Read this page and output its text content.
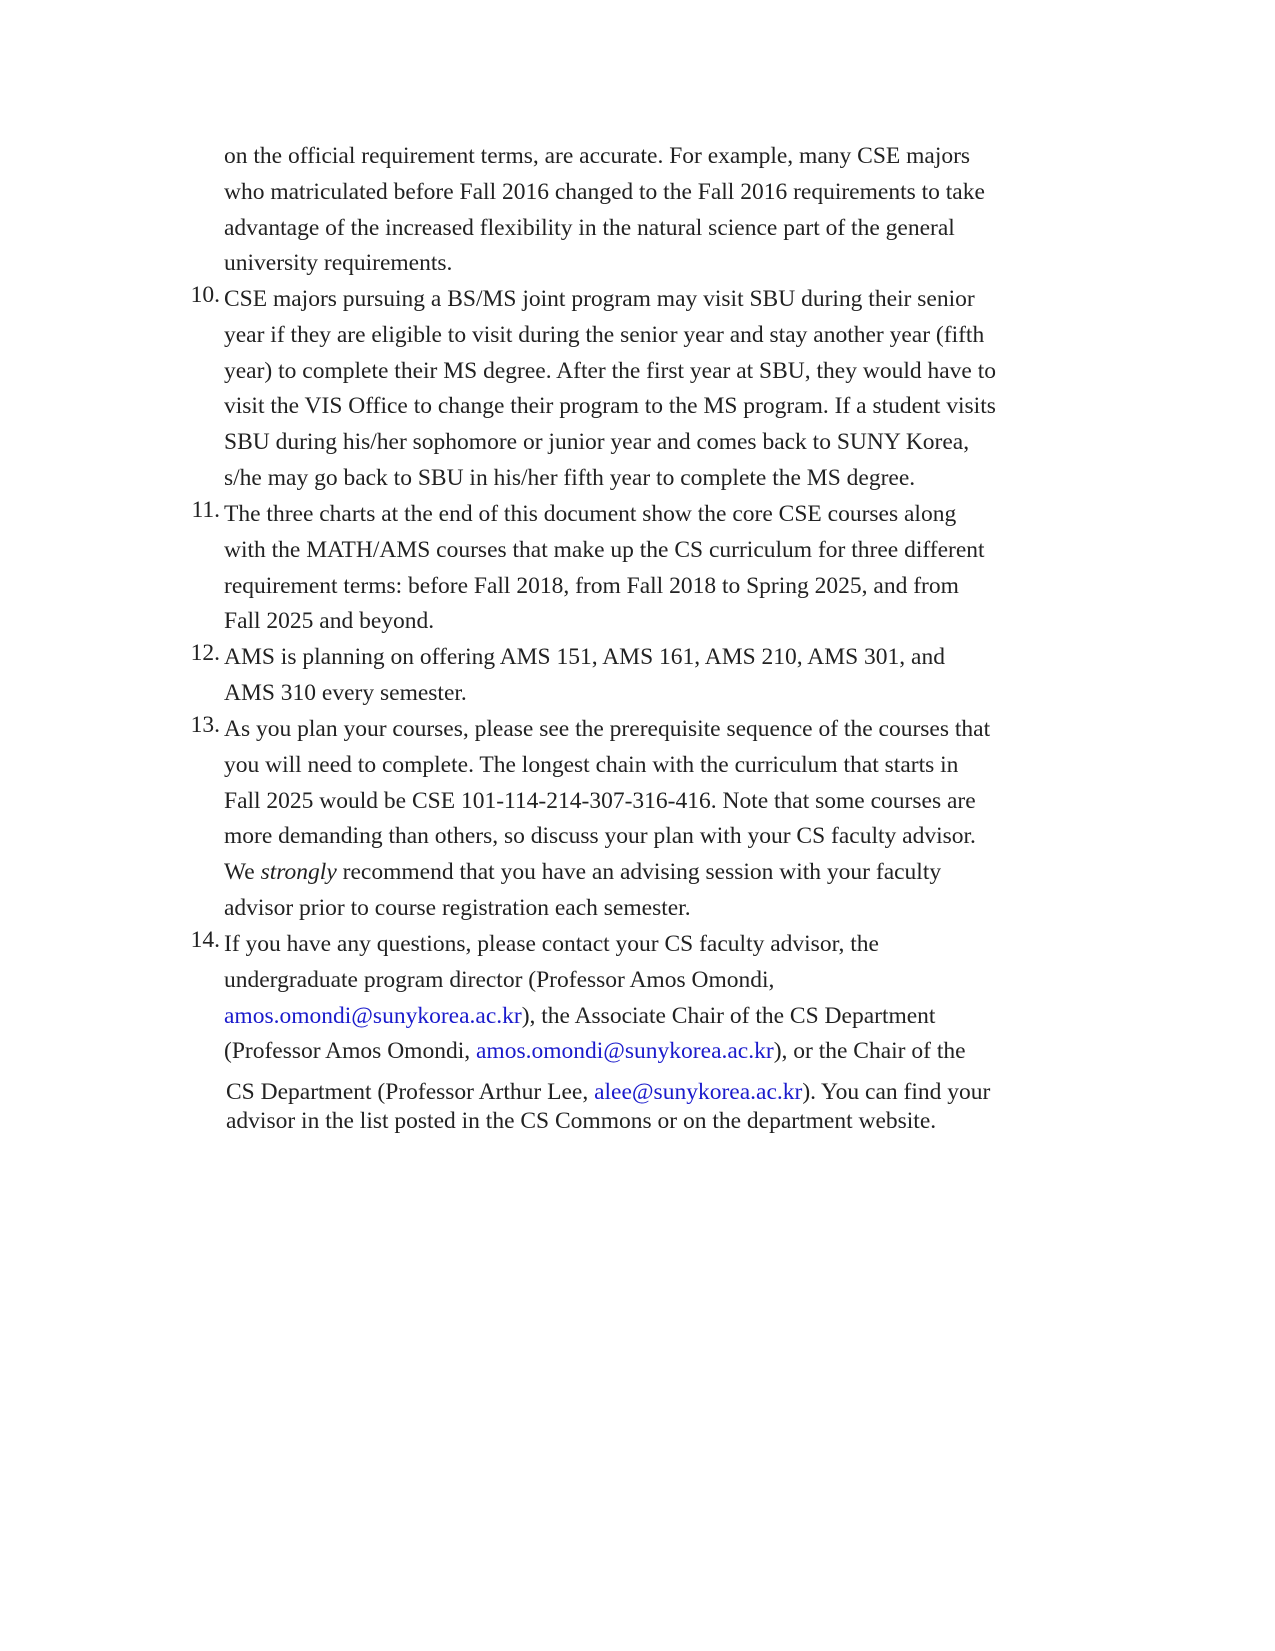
on the official requirement terms, are accurate. For example, many CSE majors
who matriculated before Fall 2016 changed to the Fall 2016 requirements to take
advantage of the increased flexibility in the natural science part of the general
university requirements.
10. CSE majors pursuing a BS/MS joint program may visit SBU during their senior
year if they are eligible to visit during the senior year and stay another year (fifth
year) to complete their MS degree. After the first year at SBU, they would have to
visit the VIS Office to change their program to the MS program. If a student visits
SBU during his/her sophomore or junior year and comes back to SUNY Korea,
s/he may go back to SBU in his/her fifth year to complete the MS degree.
11. The three charts at the end of this document show the core CSE courses along
with the MATH/AMS courses that make up the CS curriculum for three different
requirement terms: before Fall 2018, from Fall 2018 to Spring 2025, and from
Fall 2025 and beyond.
12. AMS is planning on offering AMS 151, AMS 161, AMS 210, AMS 301, and
AMS 310 every semester.
13. As you plan your courses, please see the prerequisite sequence of the courses that
you will need to complete. The longest chain with the curriculum that starts in
Fall 2025 would be CSE 101-114-214-307-316-416. Note that some courses are
more demanding than others, so discuss your plan with your CS faculty advisor.
We strongly recommend that you have an advising session with your faculty
advisor prior to course registration each semester.
14. If you have any questions, please contact your CS faculty advisor, the
undergraduate program director (Professor Amos Omondi,
amos.omondi@sunykorea.ac.kr), the Associate Chair of the CS Department
(Professor Amos Omondi, amos.omondi@sunykorea.ac.kr), or the Chair of the
CS Department (Professor Arthur Lee, alee@sunykorea.ac.kr). You can find your
advisor in the list posted in the CS Commons or on the department website.
